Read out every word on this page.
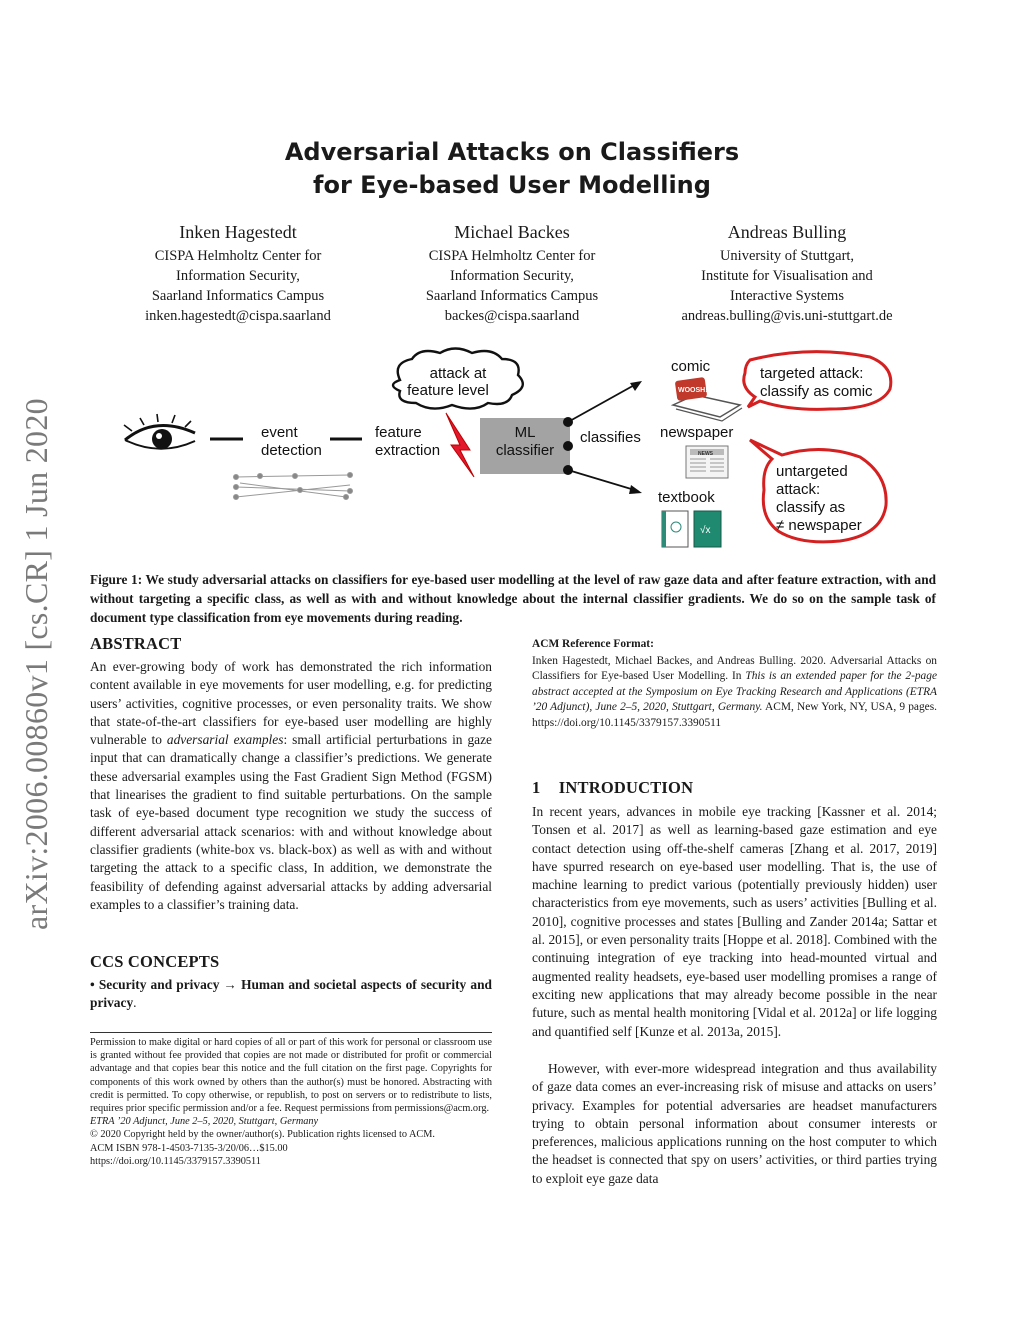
Adversarial Attacks on Classifiers
for Eye-based User Modelling
Inken Hagestedt
CISPA Helmholtz Center for
Information Security,
Saarland Informatics Campus
inken.hagestedt@cispa.saarland
Michael Backes
CISPA Helmholtz Center for
Information Security,
Saarland Informatics Campus
backes@cispa.saarland
Andreas Bulling
University of Stuttgart,
Institute for Visualisation and
Interactive Systems
andreas.bulling@vis.uni-stuttgart.de
arXiv:2006.00860v1 [cs.CR] 1 Jun 2020	event
detection
feature
extraction
attack at
feature level
ML
classifier
classifies
comic
WOOSH!
newspaper
NEWS
textbook
√x
targeted attack:
classify as comic
untargeted
attack:
classify as
≠ newspaper
Figure 1: We study adversarial attacks on classifiers for eye-based user modelling at the level of raw gaze data and after feature extraction, with and without targeting a specific class, as well as with and without knowledge about the internal classifier gradients. We do so on the sample task of document type classification from eye movements during reading.
ABSTRACT
An ever-growing body of work has demonstrated the rich information content available in eye movements for user modelling, e.g. for predicting users’ activities, cognitive processes, or even personality traits. We show that state-of-the-art classifiers for eye-based user modelling are highly vulnerable to adversarial examples: small artificial perturbations in gaze input that can dramatically change a classifier’s predictions. We generate these adversarial examples using the Fast Gradient Sign Method (FGSM) that linearises the gradient to find suitable perturbations. On the sample task of eye-based document type recognition we study the success of different adversarial attack scenarios: with and without knowledge about classifier gradients (white-box vs. black-box) as well as with and without targeting the attack to a specific class, In addition, we demonstrate the feasibility of defending against adversarial attacks by adding adversarial examples to a classifier’s training data.
CCS CONCEPTS
• Security and privacy → Human and societal aspects of security and privacy.
Permission to make digital or hard copies of all or part of this work for personal or classroom use is granted without fee provided that copies are not made or distributed for profit or commercial advantage and that copies bear this notice and the full citation on the first page. Copyrights for components of this work owned by others than the author(s) must be honored. Abstracting with credit is permitted. To copy otherwise, or republish, to post on servers or to redistribute to lists, requires prior specific permission and/or a fee. Request permissions from permissions@acm.org.
ETRA ’20 Adjunct, June 2–5, 2020, Stuttgart, Germany
© 2020 Copyright held by the owner/author(s). Publication rights licensed to ACM.
ACM ISBN 978-1-4503-7135-3/20/06…$15.00
https://doi.org/10.1145/3379157.3390511
ACM Reference Format:
Inken Hagestedt, Michael Backes, and Andreas Bulling. 2020. Adversarial Attacks on Classifiers for Eye-based User Modelling. In This is an extended paper for the 2-page abstract accepted at the Symposium on Eye Tracking Research and Applications (ETRA ’20 Adjunct), June 2–5, 2020, Stuttgart, Germany. ACM, New York, NY, USA, 9 pages. https://doi.org/10.1145/3379157.3390511
1 INTRODUCTION
In recent years, advances in mobile eye tracking [Kassner et al. 2014; Tonsen et al. 2017] as well as learning-based gaze estimation and eye contact detection using off-the-shelf cameras [Zhang et al. 2017, 2019] have spurred research on eye-based user modelling. That is, the use of machine learning to predict various (potentially previously hidden) user characteristics from eye movements, such as users’ activities [Bulling et al. 2010], cognitive processes and states [Bulling and Zander 2014a; Sattar et al. 2015], or even personality traits [Hoppe et al. 2018]. Combined with the continuing integration of eye tracking into head-mounted virtual and augmented reality headsets, eye-based user modelling promises a range of exciting new applications that may already become possible in the near future, such as mental health monitoring [Vidal et al. 2012a] or life logging and quantified self [Kunze et al. 2013a, 2015].
However, with ever-more widespread integration and thus availability of gaze data comes an ever-increasing risk of misuse and attacks on users’ privacy. Examples for potential adversaries are headset manufacturers trying to obtain personal information about consumer interests or preferences, malicious applications running on the host computer to which the headset is connected that spy on users’ activities, or third parties trying to exploit eye gaze data
